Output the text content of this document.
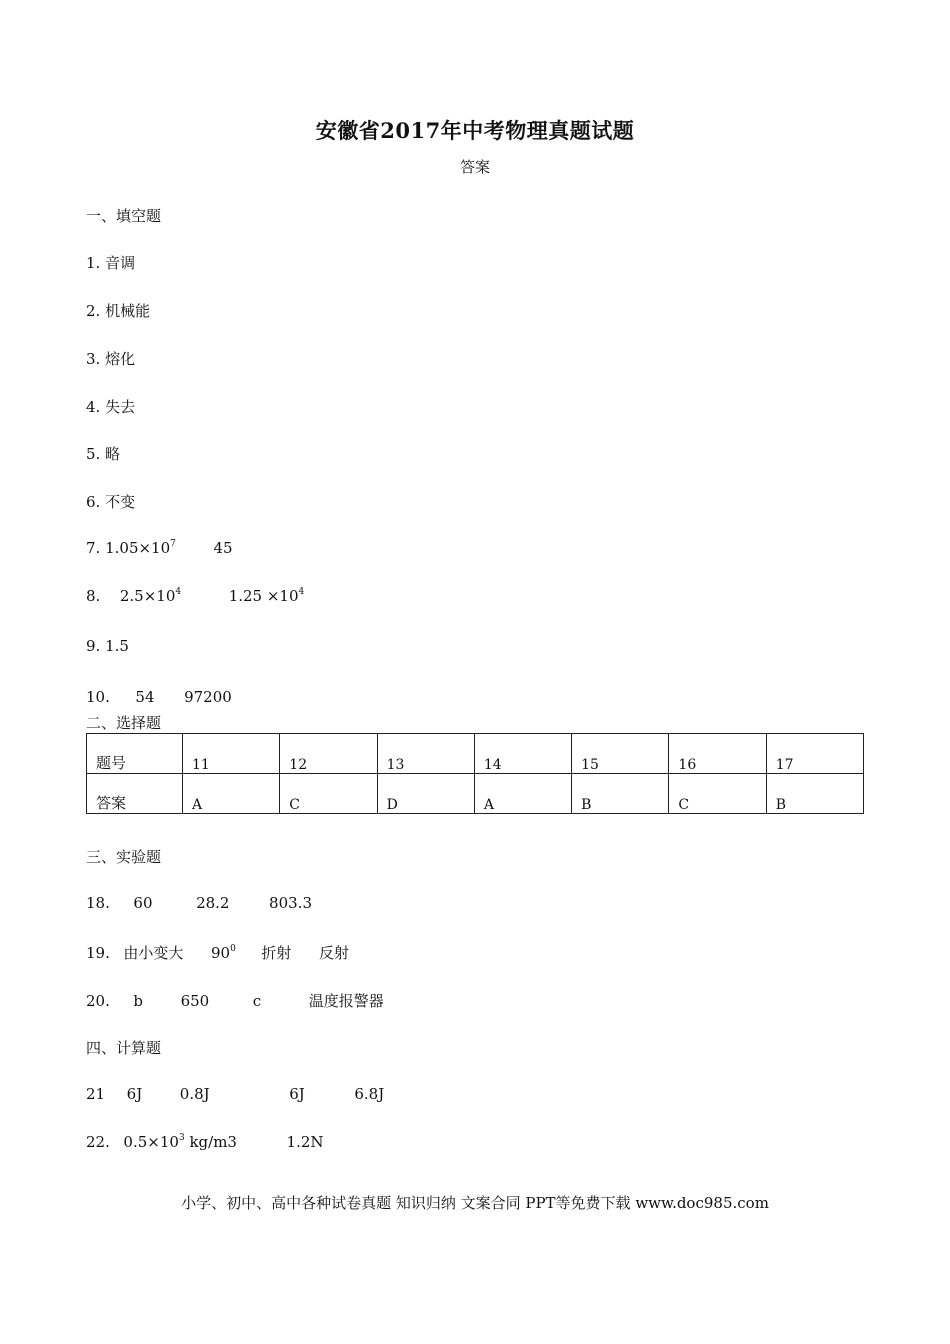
安徽省2017年中考物理真题试题
答案
一、填空题
1. 音调
2. 机械能
3. 熔化
4. 失去
5. 略
6. 不变
7. $1.05\times 10^7$	45
8. $2.5\times 10^4$	$1.25 \times 10^4$
9. 1.5
10. 54 97200
二、选择题
题号	11	12	13	14	15	16	17
答案	A	C	D	A	B	C	B
三、实验题
18. 60	28.2	803.3
19. 由小变大 $90^0$ 折射 反射
20. b	650	c	温度报警器
四、计算题
21 6J	0.8J	6J	6.8J
22. $0.5\times 10^3$ kg/m3	1.2N
小学、初中、高中各种试卷真题 知识归纳 文案合同 PPT等免费下载 www.doc985.com
